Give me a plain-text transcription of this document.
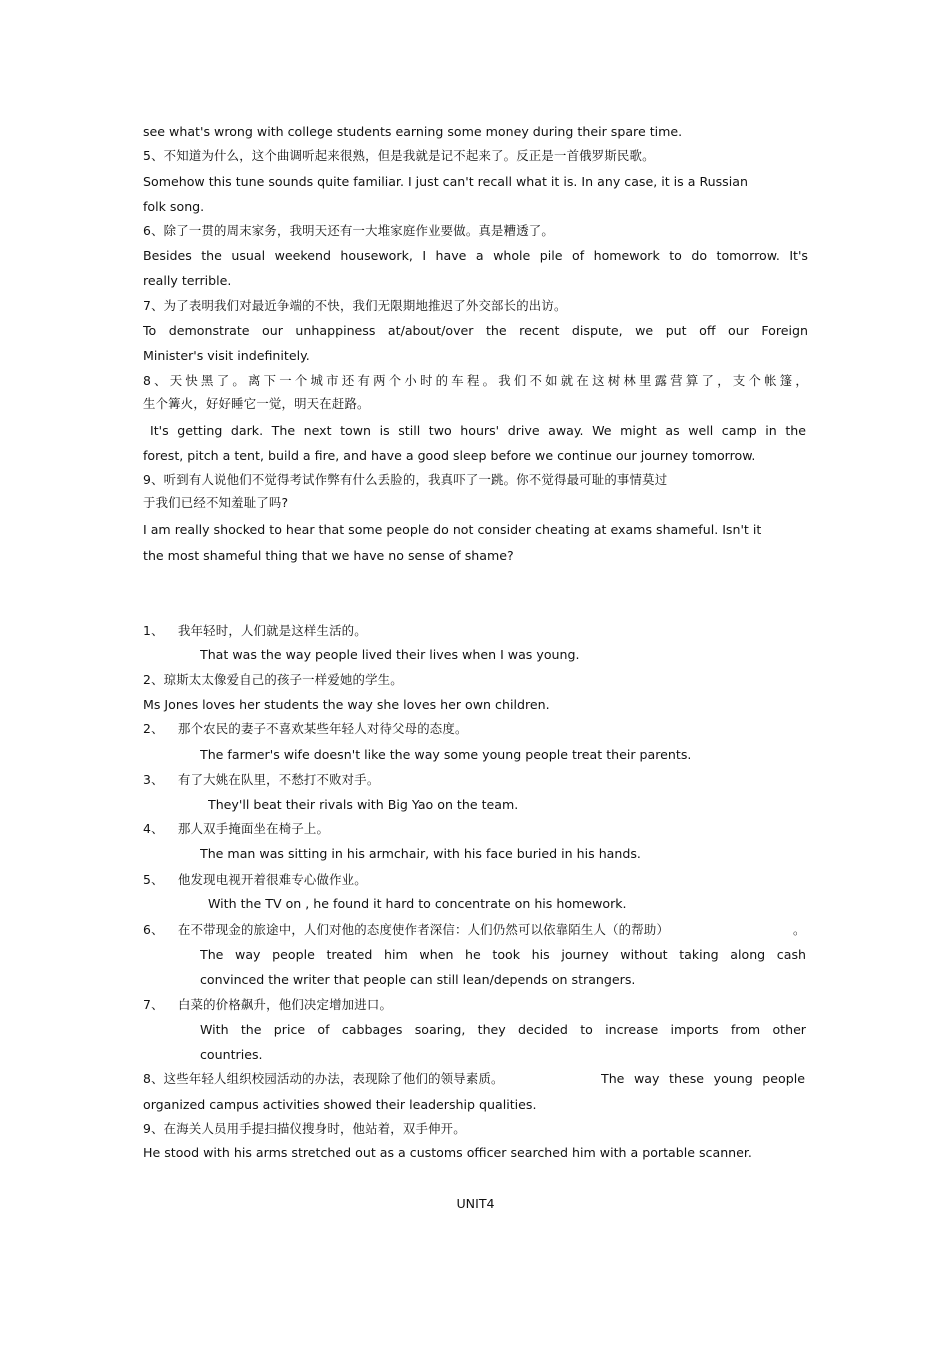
see what's wrong with college students earning some money during their spare time.
5、不知道为什么，这个曲调听起来很熟，但是我就是记不起来了。反正是一首俄罗斯民歌。
Somehow this tune sounds quite familiar. I just can't recall what it is. In any case, it is a Russian
folk song.
6、除了一贯的周末家务，我明天还有一大堆家庭作业要做。真是糟透了。
Besides the usual weekend housework, I have a whole pile of homework to do tomorrow. It's
really terrible.
7、为了表明我们对最近争端的不快，我们无限期地推迟了外交部长的出访。
To demonstrate our unhappiness at/about/over the recent dispute, we put off our Foreign
Minister's visit indefinitely.
8、天快黑了。离下一个城市还有两个小时的车程。我们不如就在这树林里露营算了，支个帐篷，
生个篝火，好好睡它一觉，明天在赶路。
It's getting dark. The next town is still two hours' drive away. We might as well camp in the
forest, pitch a tent, build a fire, and have a good sleep before we continue our journey tomorrow.
9、听到有人说他们不觉得考试作弊有什么丢脸的，我真吓了一跳。你不觉得最可耻的事情莫过
于我们已经不知羞耻了吗?
I am really shocked to hear that some people do not consider cheating at exams shameful. Isn't it
the most shameful thing that we have no sense of shame?
1、 我年轻时，人们就是这样生活的。
That was the way people lived their lives when I was young.
2、琼斯太太像爱自己的孩子一样爱她的学生。
Ms Jones loves her students the way she loves her own children.
2、 那个农民的妻子不喜欢某些年轻人对待父母的态度。
The farmer's wife doesn't like the way some young people treat their parents.
3、 有了大姚在队里，不愁打不败对手。
They'll beat their rivals with Big Yao on the team.
4、 那人双手掩面坐在椅子上。
The man was sitting in his armchair, with his face buried in his hands.
5、 他发现电视开着很难专心做作业。
With the TV on , he found it hard to concentrate on his homework.
6、 在不带现金的旅途中，人们对他的态度使作者深信：人们仍然可以依靠陌生人（的帮助）	。
The way people treated him when he took his journey without taking along cash
convinced the writer that people can still lean/depends on strangers.
7、 白菜的价格飙升，他们决定增加进口。
With the price of cabbages soaring, they decided to increase imports from other
countries.
8、这些年轻人组织校园活动的办法，表现除了他们的领导素质。	The way these young people
organized campus activities showed their leadership qualities.
9、在海关人员用手提扫描仪搜身时，他站着，双手伸开。
He stood with his arms stretched out as a customs officer searched him with a portable scanner.
UNIT4
